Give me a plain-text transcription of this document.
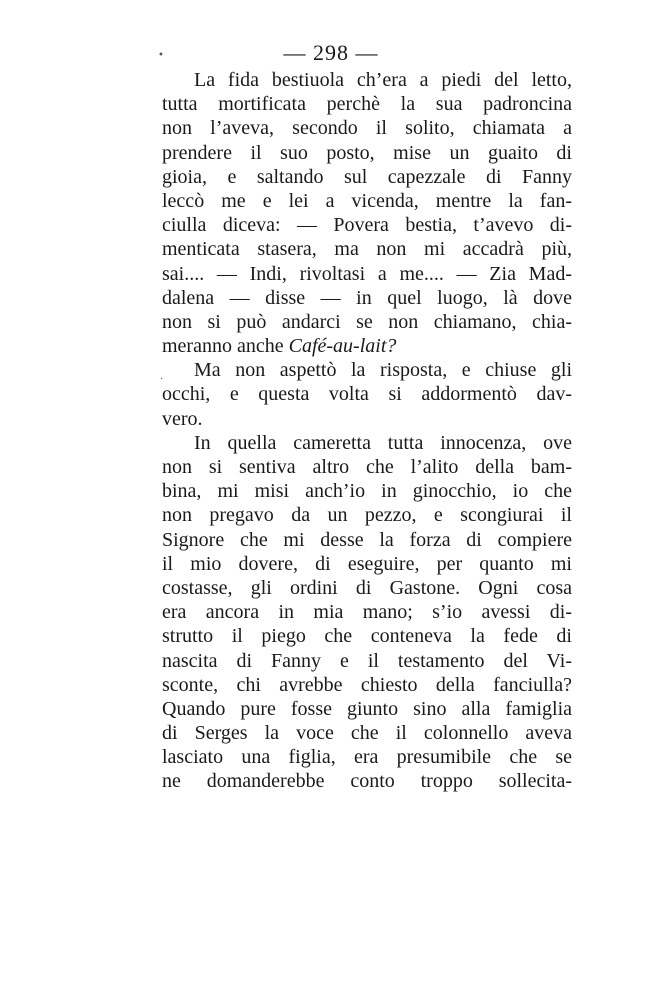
— 298 —
La fida bestiuola ch’era a piedi del letto,
tutta mortificata perchè la sua padroncina
non l’aveva, secondo il solito, chiamata a
prendere il suo posto, mise un guaito di
gioia, e saltando sul capezzale di Fanny
leccò me e lei a vicenda, mentre la fan-
ciulla diceva: — Povera bestia, t’avevo di-
menticata stasera, ma non mi accadrà più,
sai.... — Indi, rivoltasi a me.... — Zia Mad-
dalena — disse — in quel luogo, là dove
non si può andarci se non chiamano, chia-
meranno anche Café-au-lait?
Ma non aspettò la risposta, e chiuse gli
occhi, e questa volta si addormentò dav-
vero.
In quella cameretta tutta innocenza, ove
non si sentiva altro che l’alito della bam-
bina, mi misi anch’io in ginocchio, io che
non pregavo da un pezzo, e scongiurai il
Signore che mi desse la forza di compiere
il mio dovere, di eseguire, per quanto mi
costasse, gli ordini di Gastone. Ogni cosa
era ancora in mia mano; s’io avessi di-
strutto il piego che conteneva la fede di
nascita di Fanny e il testamento del Vi-
sconte, chi avrebbe chiesto della fanciulla?
Quando pure fosse giunto sino alla famiglia
di Serges la voce che il colonnello aveva
lasciato una figlia, era presumibile che se
ne domanderebbe conto troppo sollecita-
•
·
